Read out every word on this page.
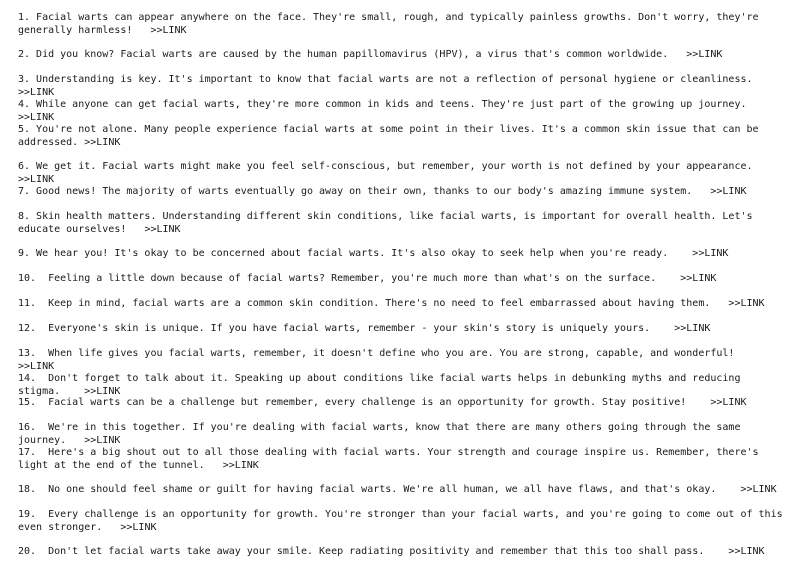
1. Facial warts can appear anywhere on the face. They're small, rough, and typically painless growths. Don't worry, they're generally harmless!   >>LINK
2. Did you know? Facial warts are caused by the human papillomavirus (HPV), a virus that's common worldwide.   >>LINK
3. Understanding is key. It's important to know that facial warts are not a reflection of personal hygiene or cleanliness.   >>LINK
4. While anyone can get facial warts, they're more common in kids and teens. They're just part of the growing up journey.   >>LINK
5. You're not alone. Many people experience facial warts at some point in their lives. It's a common skin issue that can be addressed. >>LINK
6. We get it. Facial warts might make you feel self-conscious, but remember, your worth is not defined by your appearance.    >>LINK
7. Good news! The majority of warts eventually go away on their own, thanks to our body's amazing immune system.   >>LINK
8. Skin health matters. Understanding different skin conditions, like facial warts, is important for overall health. Let's educate ourselves!   >>LINK
9. We hear you! It's okay to be concerned about facial warts. It's also okay to seek help when you're ready.    >>LINK
10.  Feeling a little down because of facial warts? Remember, you're much more than what's on the surface.    >>LINK
11.  Keep in mind, facial warts are a common skin condition. There's no need to feel embarrassed about having them.   >>LINK
12.  Everyone's skin is unique. If you have facial warts, remember - your skin's story is uniquely yours.    >>LINK
13.  When life gives you facial warts, remember, it doesn't define who you are. You are strong, capable, and wonderful!    >>LINK
14.  Don't forget to talk about it. Speaking up about conditions like facial warts helps in debunking myths and reducing stigma.    >>LINK
15.  Facial warts can be a challenge but remember, every challenge is an opportunity for growth. Stay positive!    >>LINK
16.  We're in this together. If you're dealing with facial warts, know that there are many others going through the same journey.   >>LINK
17.  Here's a big shout out to all those dealing with facial warts. Your strength and courage inspire us. Remember, there's light at the end of the tunnel.   >>LINK
18.  No one should feel shame or guilt for having facial warts. We're all human, we all have flaws, and that's okay.    >>LINK
19.  Every challenge is an opportunity for growth. You're stronger than your facial warts, and you're going to come out of this even stronger.   >>LINK
20.  Don't let facial warts take away your smile. Keep radiating positivity and remember that this too shall pass.    >>LINK
